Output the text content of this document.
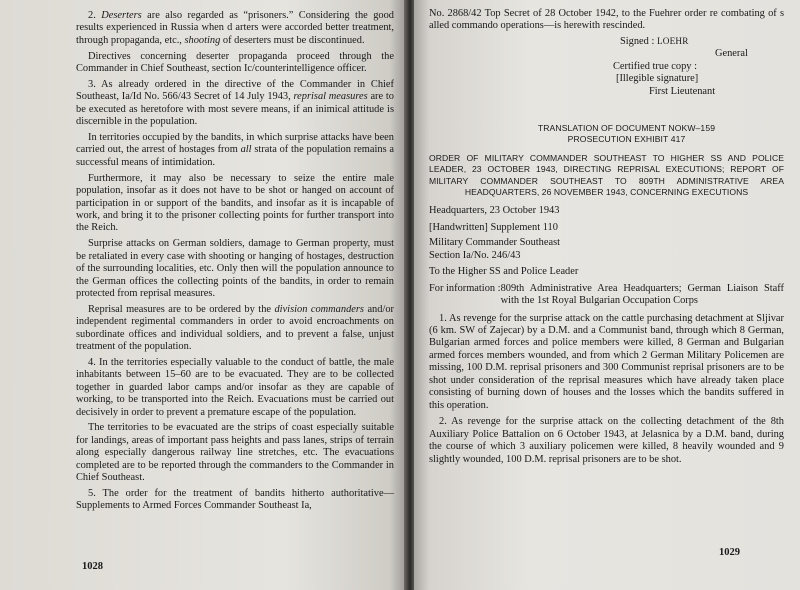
2. Deserters are also regarded as “prisoners.” Considering the good results experienced in Russia when d arters were accorded better treatment, through propaganda, etc., shooting of deserters must be discontinued.

Directives concerning deserter propaganda proceed through the Commander in Chief Southeast, section Ic/counterintelligence officer.

3. As already ordered in the directive of the Commander in Chief Southeast, Ia/Id No. 566/43 Secret of 14 July 1943, reprisal measures are to be executed as heretofore with most severe means, if an inimical attitude is discernible in the population.

In territories occupied by the bandits, in which surprise attacks have been carried out, the arrest of hostages from all strata of the population remains a successful means of intimidation.

Furthermore, it may also be necessary to seize the entire male population, insofar as it does not have to be shot or hanged on account of participation in or support of the bandits, and insofar as it is incapable of work, and bring it to the prisoner collecting points for further transport into the Reich.

Surprise attacks on German soldiers, damage to German property, must be retaliated in every case with shooting or hanging of hostages, destruction of the surrounding localities, etc. Only then will the population announce to the German offices the collecting points of the bandits, in order to remain protected from reprisal measures.

Reprisal measures are to be ordered by the division commanders and/or independent regimental commanders in order to avoid encroachments on subordinate offices and individual soldiers, and to prevent a false, unjust treatment of the population.

4. In the territories especially valuable to the conduct of battle, the male inhabitants between 15–60 are to be evacuated. They are to be collected together in guarded labor camps and/or insofar as they are capable of working, to be transported into the Reich. Evacuations must be carried out decisively in order to prevent a premature escape of the population.

The territories to be evacuated are the strips of coast especially suitable for landings, areas of important pass heights and pass lanes, strips of terrain along especially dangerous railway line stretches, etc. The evacuations completed are to be reported through the commanders to the Commander in Chief Southeast.

5. The order for the treatment of bandits hitherto authoritative—Supplements to Armed Forces Commander Southeast Ia,

1028

No. 2868/42 Top Secret of 28 October 1942, to the Fuehrer order re combating of s alled commando operations—is herewith rescinded.

Signed : LOEHR
General
Certified true copy :
[Illegible signature]
First Lieutenant
TRANSLATION OF DOCUMENT NOKW–159
PROSECUTION EXHIBIT 417
ORDER OF MILITARY COMMANDER SOUTHEAST TO HIGHER SS AND POLICE LEADER, 23 OCTOBER 1943, DIRECTING REPRISAL EXECUTIONS; REPORT OF MILITARY COMMANDER SOUTHEAST TO 809TH ADMINISTRATIVE AREA HEADQUARTERS, 26 NOVEMBER 1943, CONCERNING EXECUTIONS

Headquarters, 23 October 1943

[Handwritten] Supplement 110

Military Commander Southeast

Section Ia/No. 246/43

To the Higher SS and Police Leader

For information : 809th Administrative Area Headquarters; German Liaison Staff with the 1st Royal Bulgarian Occupation Corps

1. As revenge for the surprise attack on the cattle purchasing detachment at Sljivar (6 km. SW of Zajecar) by a D.M. and a Communist band, through which 8 German, Bulgarian armed forces and police members were killed, 8 German and Bulgarian armed forces members wounded, and from which 2 German Military Policemen are missing, 100 D.M. reprisal prisoners and 300 Communist reprisal prisoners are to be shot under consideration of the reprisal measures which have already taken place consisting of burning down of houses and the losses which the bandits suffered in this operation.

2. As revenge for the surprise attack on the collecting detachment of the 8th Auxiliary Police Battalion on 6 October 1943, at Jelasnica by a D.M. band, during the course of which 3 auxiliary policemen were killed, 8 heavily wounded and 9 slightly wounded, 100 D.M. reprisal prisoners are to be shot.

1029
